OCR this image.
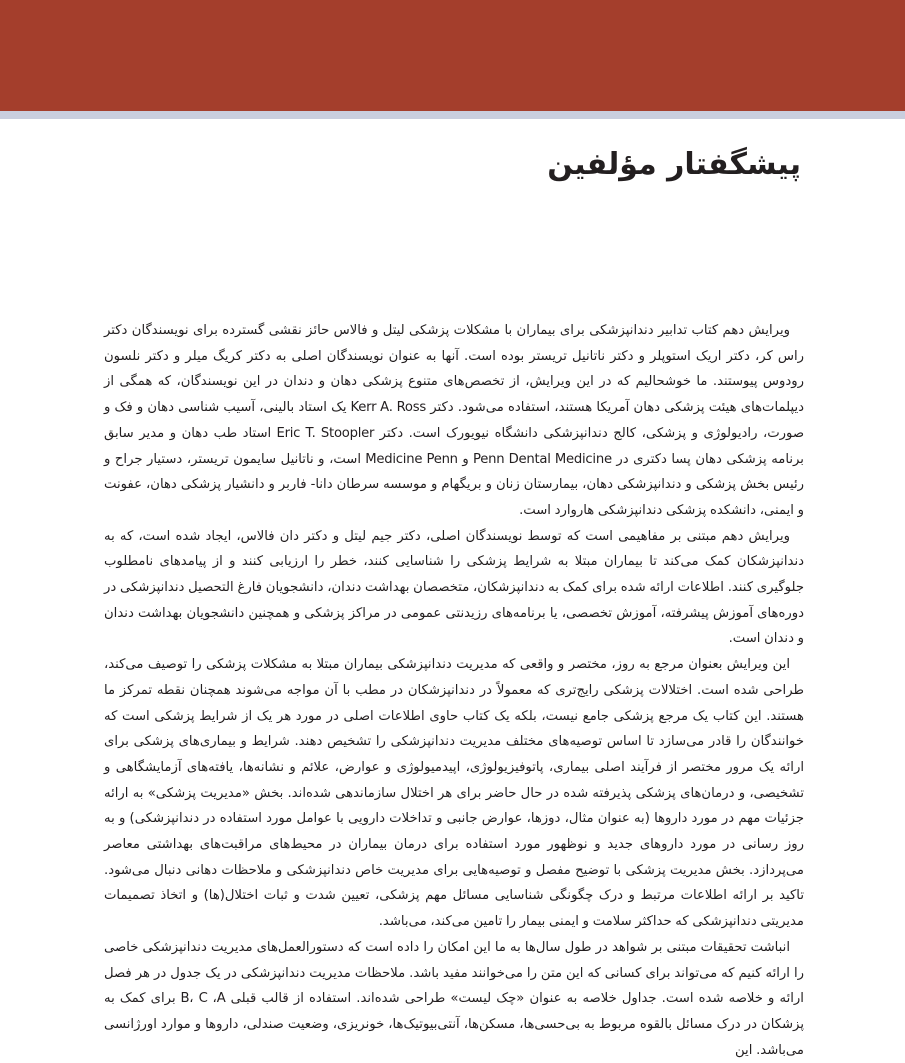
پیشگفتار مؤلفین

ویرایش دهم کتاب تدابیر دندانپزشکی برای بیماران با مشکلات پزشکی لیتل و فالاس حائز نقشی گسترده برای نویسندگان دکتر راس کر، دکتر اریک استوپلر و دکتر ناتانیل تریستر بوده است. آنها به عنوان نویسندگان اصلی به دکتر کریگ میلر و دکتر نلسون رودوس پیوستند. ما خوشحالیم که در این ویرایش، از تخصص‌های متنوع پزشکی دهان و دندان در این نویسندگان، که همگی از دیپلمات‌های هیئت پزشکی دهان آمریکا هستند، استفاده می‌شود. دکتر Kerr A. Ross یک استاد بالینی، آسیب شناسی دهان و فک و صورت، رادیولوژی و پزشکی، کالج دندانپزشکی دانشگاه نیویورک است. دکتر Eric T. Stoopler استاد طب دهان و مدیر سابق برنامه پزشکی دهان پسا دکتری در Penn Dental Medicine و Medicine Penn است، و ناتانیل سایمون تریستر، دستیار جراح و رئیس بخش پزشکی و دندانپزشکی دهان، بیمارستان زنان و بریگهام و موسسه سرطان دانا- فاربر و دانشیار پزشکی دهان، عفونت و ایمنی، دانشکده پزشکی دندانپزشکی هاروارد است.

ویرایش دهم مبتنی بر مفاهیمی است که توسط نویسندگان اصلی، دکتر جیم لیتل و دکتر دان فالاس، ایجاد شده است، که به دندانپزشکان کمک می‌کند تا بیماران مبتلا به شرایط پزشکی را شناسایی کنند، خطر را ارزیابی کنند و از پیامدهای نامطلوب جلوگیری کنند. اطلاعات ارائه شده برای کمک به دندانپزشکان، متخصصان بهداشت دندان، دانشجویان فارغ التحصیل دندانپزشکی در دوره‌های آموزش پیشرفته، آموزش تخصصی، یا برنامه‌های رزیدنتی عمومی در مراکز پزشکی و همچنین دانشجویان بهداشت دندان و دندان است.

این ویرایش بعنوان مرجع به روز، مختصر و واقعی که مدیریت دندانپزشکی بیماران مبتلا به مشکلات پزشکی را توصیف می‌کند، طراحی شده است. اختلالات پزشکی رایج‌تری که معمولاً در دندانپزشکان در مطب با آن مواجه می‌شوند همچنان نقطه تمرکز ما هستند. این کتاب یک مرجع پزشکی جامع نیست، بلکه یک کتاب حاوی اطلاعات اصلی در مورد هر یک از شرایط پزشکی است که خوانندگان را قادر می‌سازد تا اساس توصیه‌های مختلف مدیریت دندانپزشکی را تشخیص دهند. شرایط و بیماری‌های پزشکی برای ارائه یک مرور مختصر از فرآیند اصلی بیماری، پاتوفیزیولوژی، اپیدمیولوژی و عوارض، علائم و نشانه‌ها، یافته‌های آزمایشگاهی و تشخیصی، و درمان‌های پزشکی پذیرفته شده در حال حاضر برای هر اختلال سازماندهی شده‌اند. بخش «مدیریت پزشکی» به ارائه جزئیات مهم در مورد داروها (به عنوان مثال، دوزها، عوارض جانبی و تداخلات دارویی با عوامل مورد استفاده در دندانپزشکی) و به روز رسانی در مورد داروهای جدید و نوظهور مورد استفاده برای درمان بیماران در محیط‌های مراقبت‌های بهداشتی معاصر می‌پردازد. بخش مدیریت پزشکی با توضیح مفصل و توصیه‌هایی برای مدیریت خاص دندانپزشکی و ملاحظات دهانی دنبال می‌شود. تاکید بر ارائه اطلاعات مرتبط و درک چگونگی شناسایی مسائل مهم پزشکی، تعیین شدت و ثبات اختلال(ها) و اتخاذ تصمیمات مدیریتی دندانپزشکی که حداکثر سلامت و ایمنی بیمار را تامین می‌کند، می‌باشد.

انباشت تحقیقات مبتنی بر شواهد در طول سال‌ها به ما این امکان را داده است که دستورالعمل‌های مدیریت دندانپزشکی خاصی را ارائه کنیم که می‌تواند برای کسانی که این متن را می‌خوانند مفید باشد. ملاحظات مدیریت دندانپزشکی در یک جدول در هر فصل ارائه و خلاصه شده است. جداول خلاصه به عنوان «چک لیست» طراحی شده‌اند. استفاده از قالب قبلی B، C ،A برای کمک به پزشکان در درک مسائل بالقوه مربوط به بی‌حسی‌ها، مسکن‌ها، آنتی‌بیوتیک‌ها، خونریزی، وضعیت صندلی، داروها و موارد اورژانسی می‌باشد. این
